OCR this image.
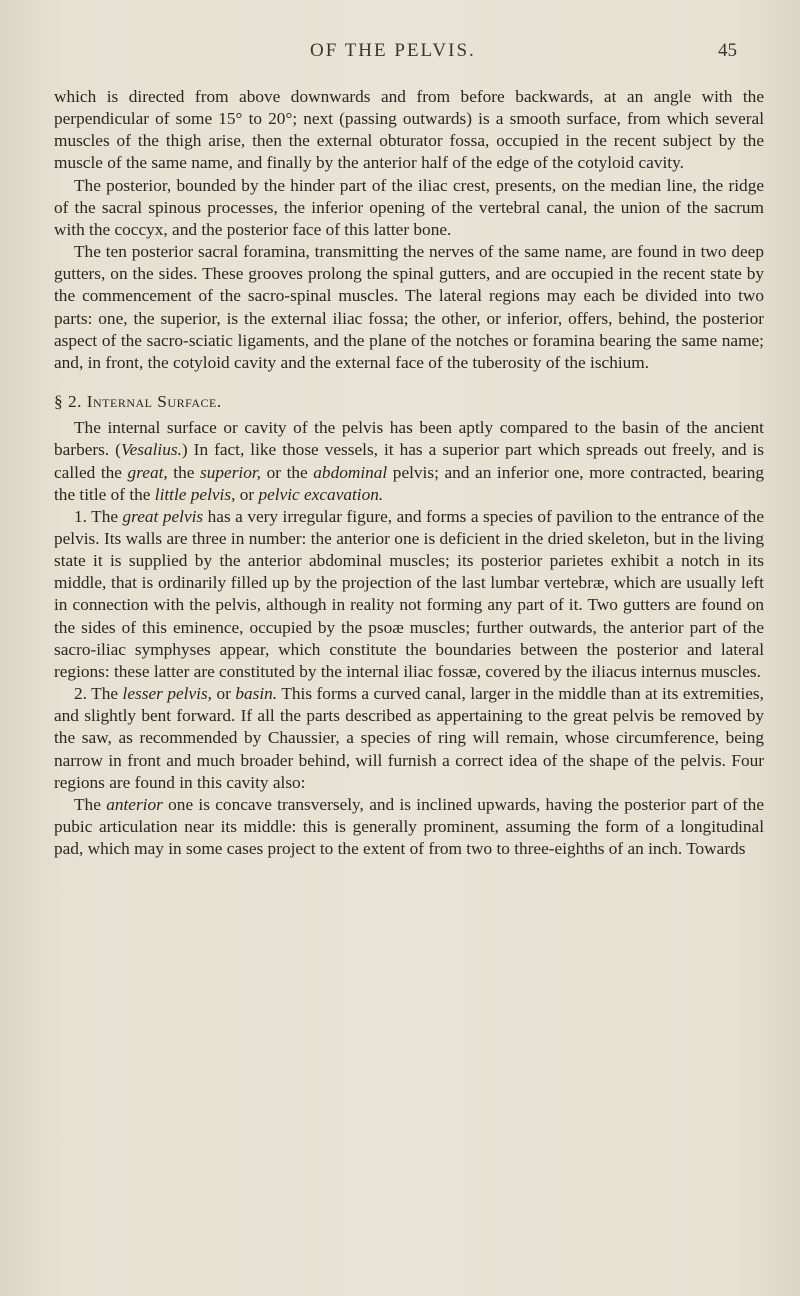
OF THE PELVIS.	45

which is directed from above downwards and from before backwards, at an angle with the perpendicular of some 15° to 20°; next (passing outwards) is a smooth surface, from which several muscles of the thigh arise, then the external obturator fossa, occupied in the recent subject by the muscle of the same name, and finally by the anterior half of the edge of the cotyloid cavity.

The posterior, bounded by the hinder part of the iliac crest, presents, on the median line, the ridge of the sacral spinous processes, the inferior opening of the vertebral canal, the union of the sacrum with the coccyx, and the posterior face of this latter bone.

The ten posterior sacral foramina, transmitting the nerves of the same name, are found in two deep gutters, on the sides. These grooves prolong the spinal gutters, and are occupied in the recent state by the commencement of the sacro-spinal muscles. The lateral regions may each be divided into two parts: one, the superior, is the external iliac fossa; the other, or inferior, offers, behind, the posterior aspect of the sacro-sciatic ligaments, and the plane of the notches or foramina bearing the same name; and, in front, the cotyloid cavity and the external face of the tuberosity of the ischium.

§ 2. Internal Surface.

The internal surface or cavity of the pelvis has been aptly compared to the basin of the ancient barbers. (Vesalius.) In fact, like those vessels, it has a superior part which spreads out freely, and is called the great, the superior, or the abdominal pelvis; and an inferior one, more contracted, bearing the title of the little pelvis, or pelvic excavation.

1. The great pelvis has a very irregular figure, and forms a species of pavilion to the entrance of the pelvis. Its walls are three in number: the anterior one is deficient in the dried skeleton, but in the living state it is supplied by the anterior abdominal muscles; its posterior parietes exhibit a notch in its middle, that is ordinarily filled up by the projection of the last lumbar vertebræ, which are usually left in connection with the pelvis, although in reality not forming any part of it. Two gutters are found on the sides of this eminence, occupied by the psoæ muscles; further outwards, the anterior part of the sacro-iliac symphyses appear, which constitute the boundaries between the posterior and lateral regions: these latter are constituted by the internal iliac fossæ, covered by the iliacus internus muscles.

2. The lesser pelvis, or basin. This forms a curved canal, larger in the middle than at its extremities, and slightly bent forward. If all the parts described as appertaining to the great pelvis be removed by the saw, as recommended by Chaussier, a species of ring will remain, whose circumference, being narrow in front and much broader behind, will furnish a correct idea of the shape of the pelvis. Four regions are found in this cavity also:

The anterior one is concave transversely, and is inclined upwards, having the posterior part of the pubic articulation near its middle: this is generally prominent, assuming the form of a longitudinal pad, which may in some cases project to the extent of from two to three-eighths of an inch. Towards
